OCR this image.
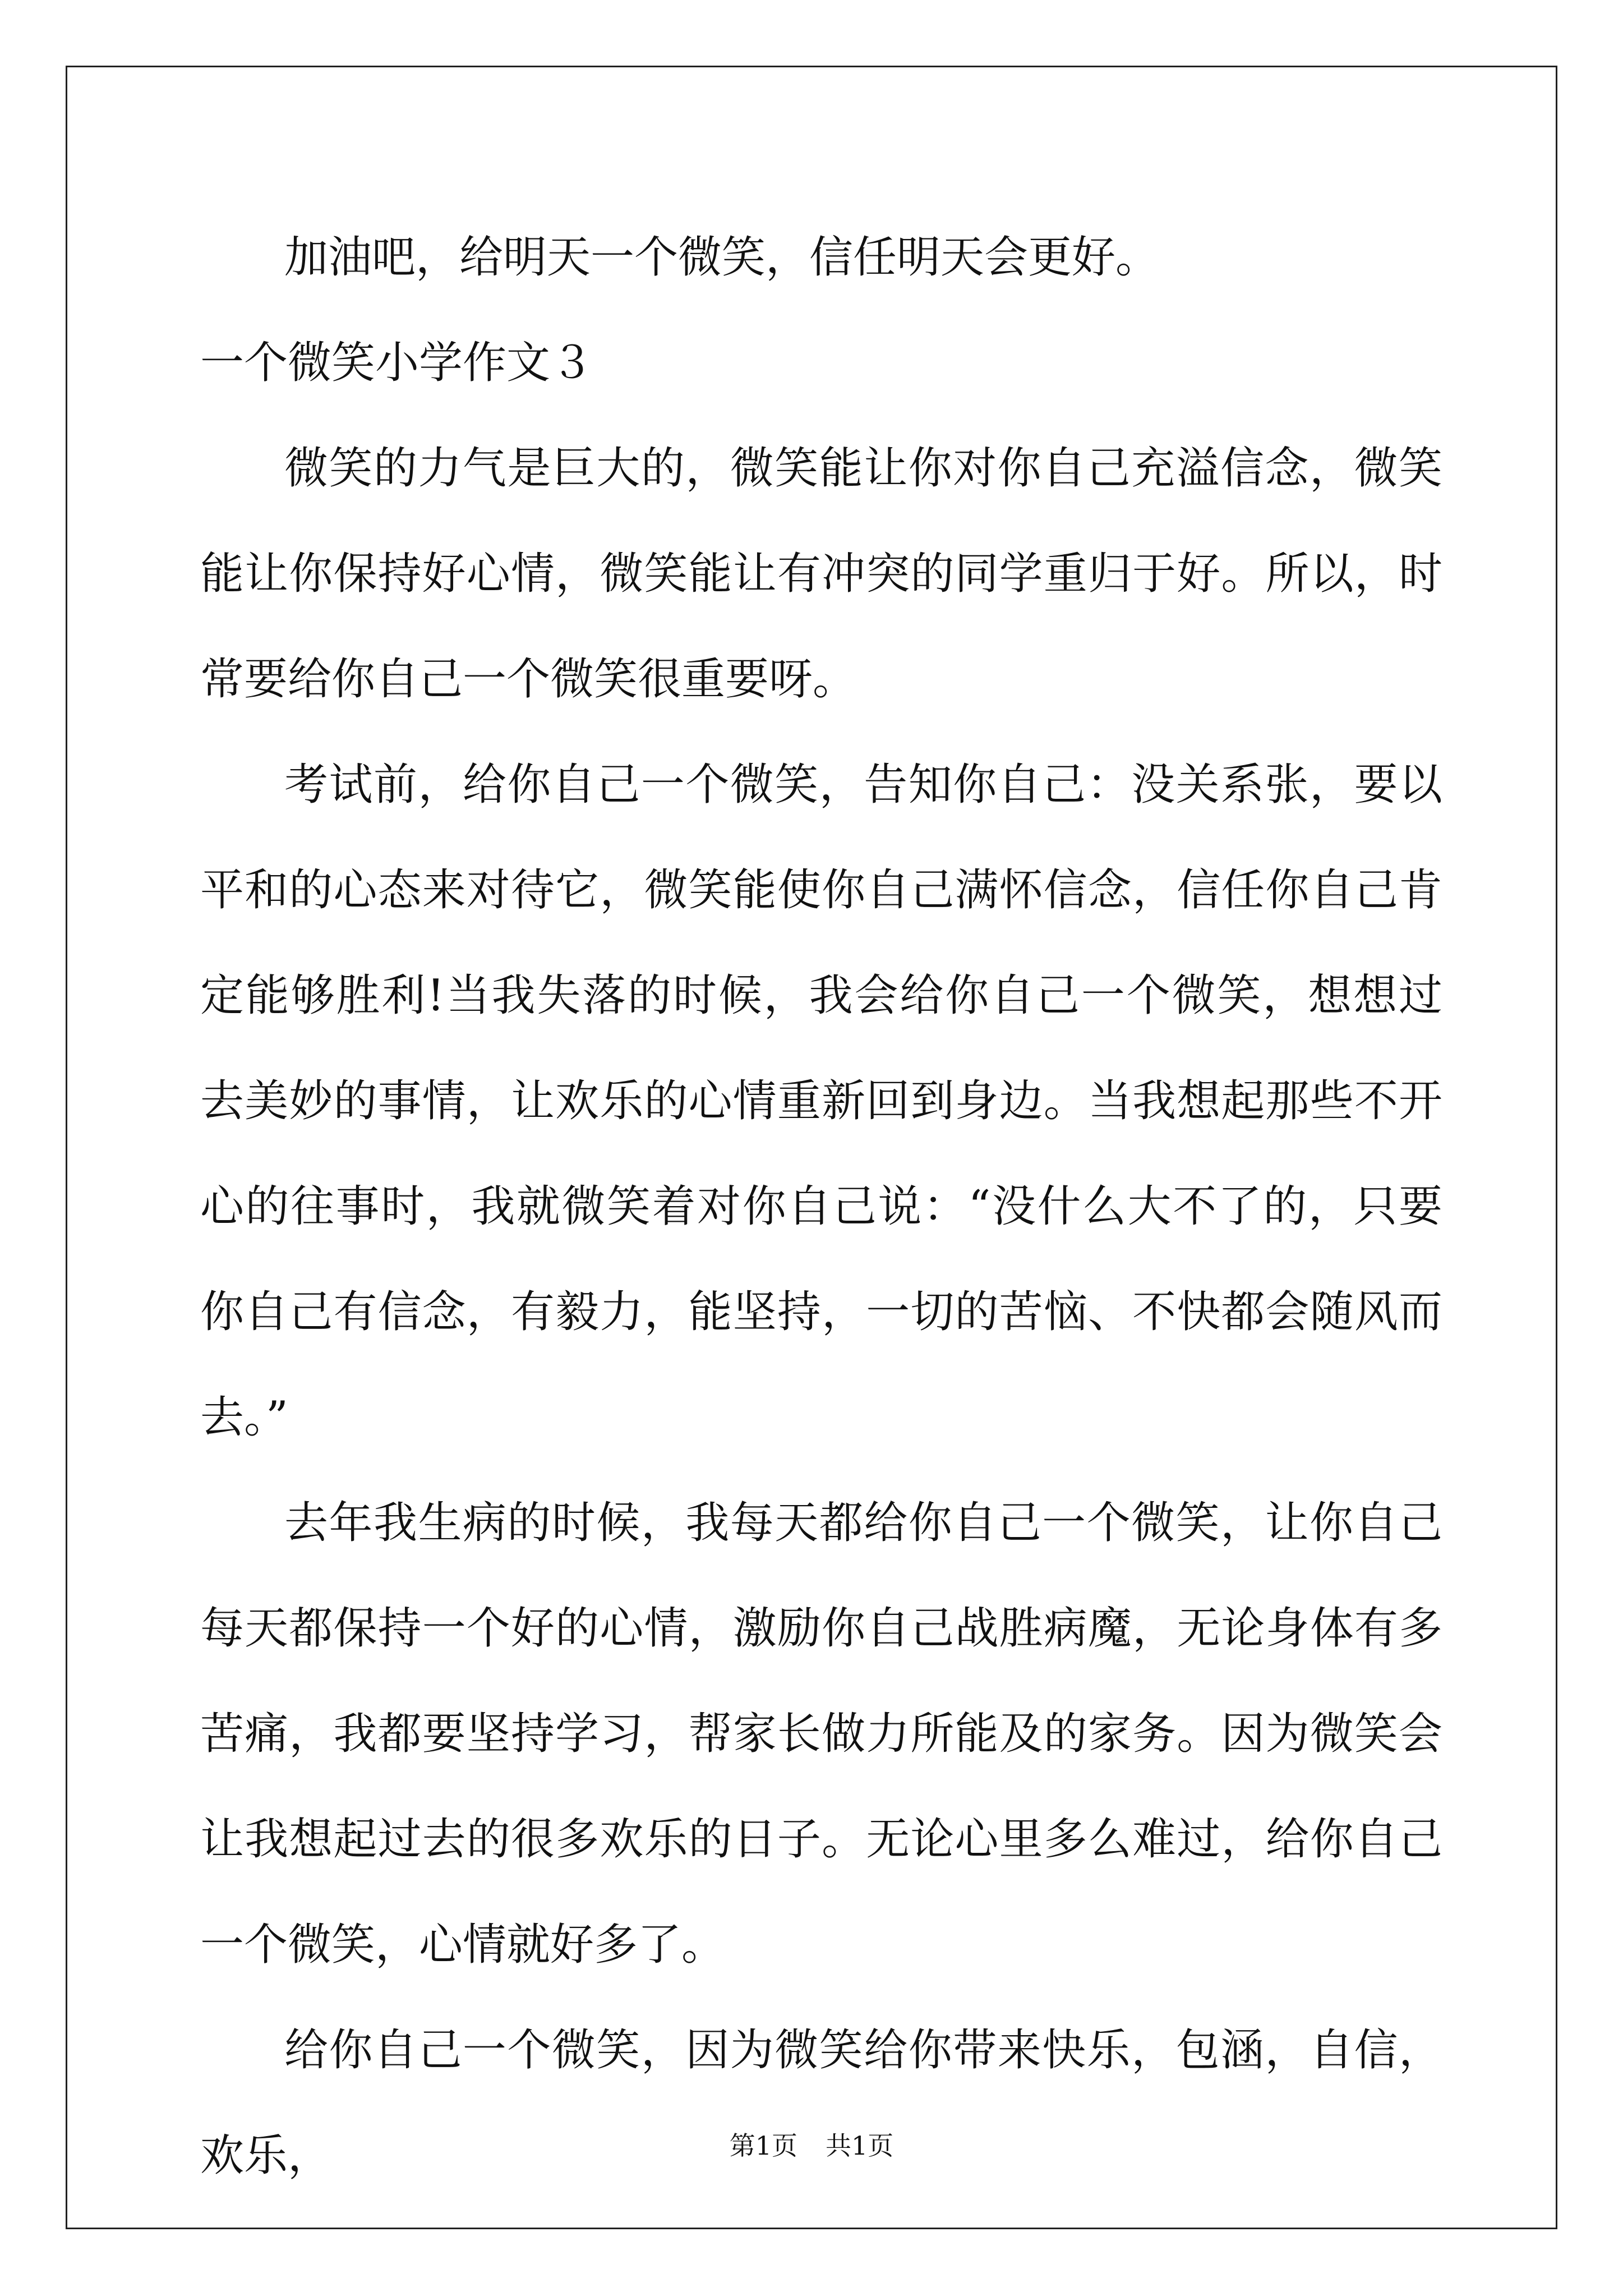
加油吧，给明天一个微笑，信任明天会更好。

一个微笑小学作文３

微笑的力气是巨大的，微笑能让你对你自己充溢信念，微笑能让你保持好心情，微笑能让有冲突的同学重归于好。所以，时常要给你自己一个微笑很重要呀。

考试前，给你自己一个微笑，告知你自己：没关系张，要以平和的心态来对待它，微笑能使你自己满怀信念，信任你自己肯定能够胜利!当我失落的时候，我会给你自己一个微笑，想想过去美妙的事情，让欢乐的心情重新回到身边。当我想起那些不开心的往事时，我就微笑着对你自己说：“没什么大不了的，只要你自己有信念，有毅力，能坚持，一切的苦恼、不快都会随风而去。”

去年我生病的时候，我每天都给你自己一个微笑，让你自己每天都保持一个好的心情，激励你自己战胜病魔，无论身体有多苦痛，我都要坚持学习，帮家长做力所能及的家务。因为微笑会让我想起过去的很多欢乐的日子。无论心里多么难过，给你自己一个微笑，心情就好多了。

给你自己一个微笑，因为微笑给你带来快乐，包涵，自信，欢乐，	第1页 共1页
